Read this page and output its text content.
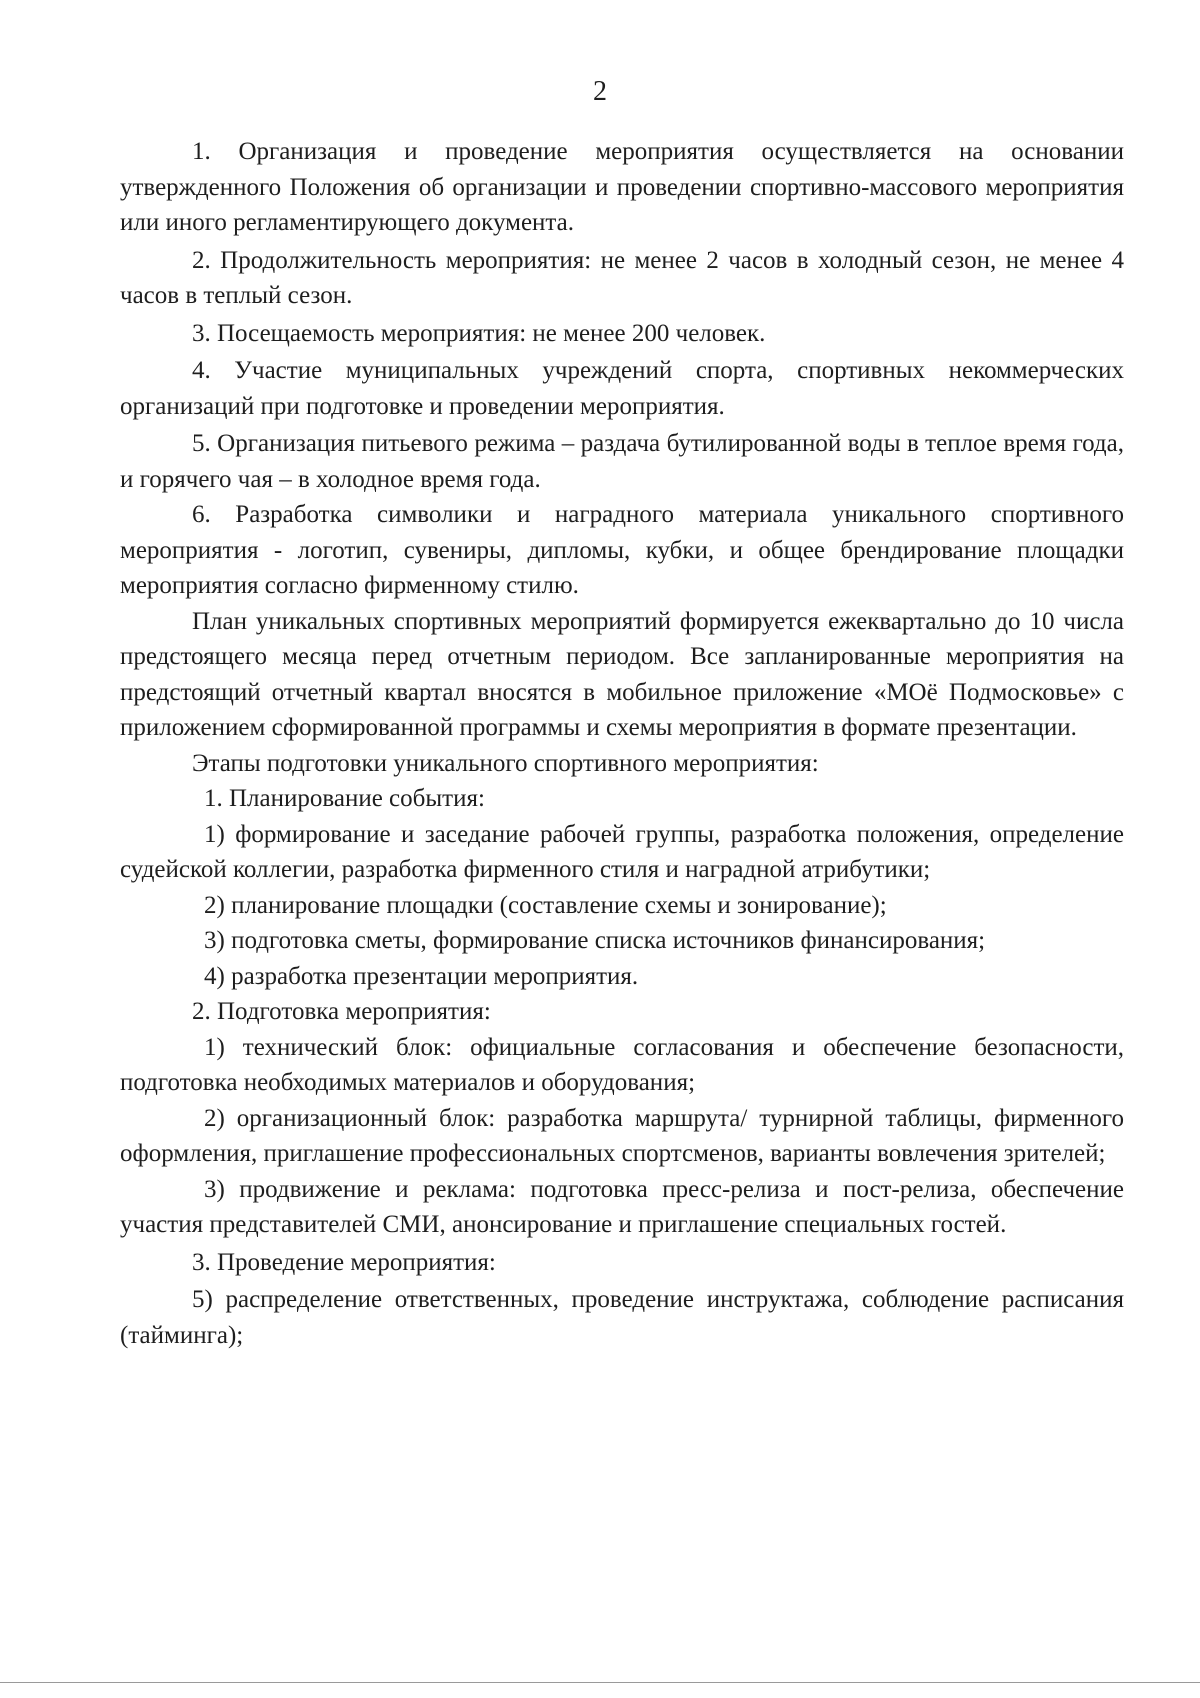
2

1. Организация и проведение мероприятия осуществляется на основании утвержденного Положения об организации и проведении спортивно-массового мероприятия или иного регламентирующего документа.

2. Продолжительность мероприятия: не менее 2 часов в холодный сезон, не менее 4 часов в теплый сезон.

3. Посещаемость мероприятия: не менее 200 человек.

4. Участие муниципальных учреждений спорта, спортивных некоммерческих организаций при подготовке и проведении мероприятия.

5. Организация питьевого режима – раздача бутилированной воды в теплое время года, и горячего чая – в холодное время года.

6. Разработка символики и наградного материала уникального спортивного мероприятия - логотип, сувениры, дипломы, кубки, и общее брендирование площадки мероприятия согласно фирменному стилю.

План уникальных спортивных мероприятий формируется ежеквартально до 10 числа предстоящего месяца перед отчетным периодом. Все запланированные мероприятия на предстоящий отчетный квартал вносятся в мобильное приложение «МОё Подмосковье» с приложением сформированной программы и схемы мероприятия в формате презентации.

Этапы подготовки уникального спортивного мероприятия:

1. Планирование события:

1) формирование и заседание рабочей группы, разработка положения, определение судейской коллегии, разработка фирменного стиля и наградной атрибутики;

2) планирование площадки (составление схемы и зонирование);

3) подготовка сметы, формирование списка источников финансирования;

4) разработка презентации мероприятия.

2. Подготовка мероприятия:

1) технический блок: официальные согласования и обеспечение безопасности, подготовка необходимых материалов и оборудования;

2) организационный блок: разработка маршрута/ турнирной таблицы, фирменного оформления, приглашение профессиональных спортсменов, варианты вовлечения зрителей;

3) продвижение и реклама: подготовка пресс-релиза и пост-релиза, обеспечение участия представителей СМИ, анонсирование и приглашение специальных гостей.

3. Проведение мероприятия:

5) распределение ответственных, проведение инструктажа, соблюдение расписания (тайминга);
